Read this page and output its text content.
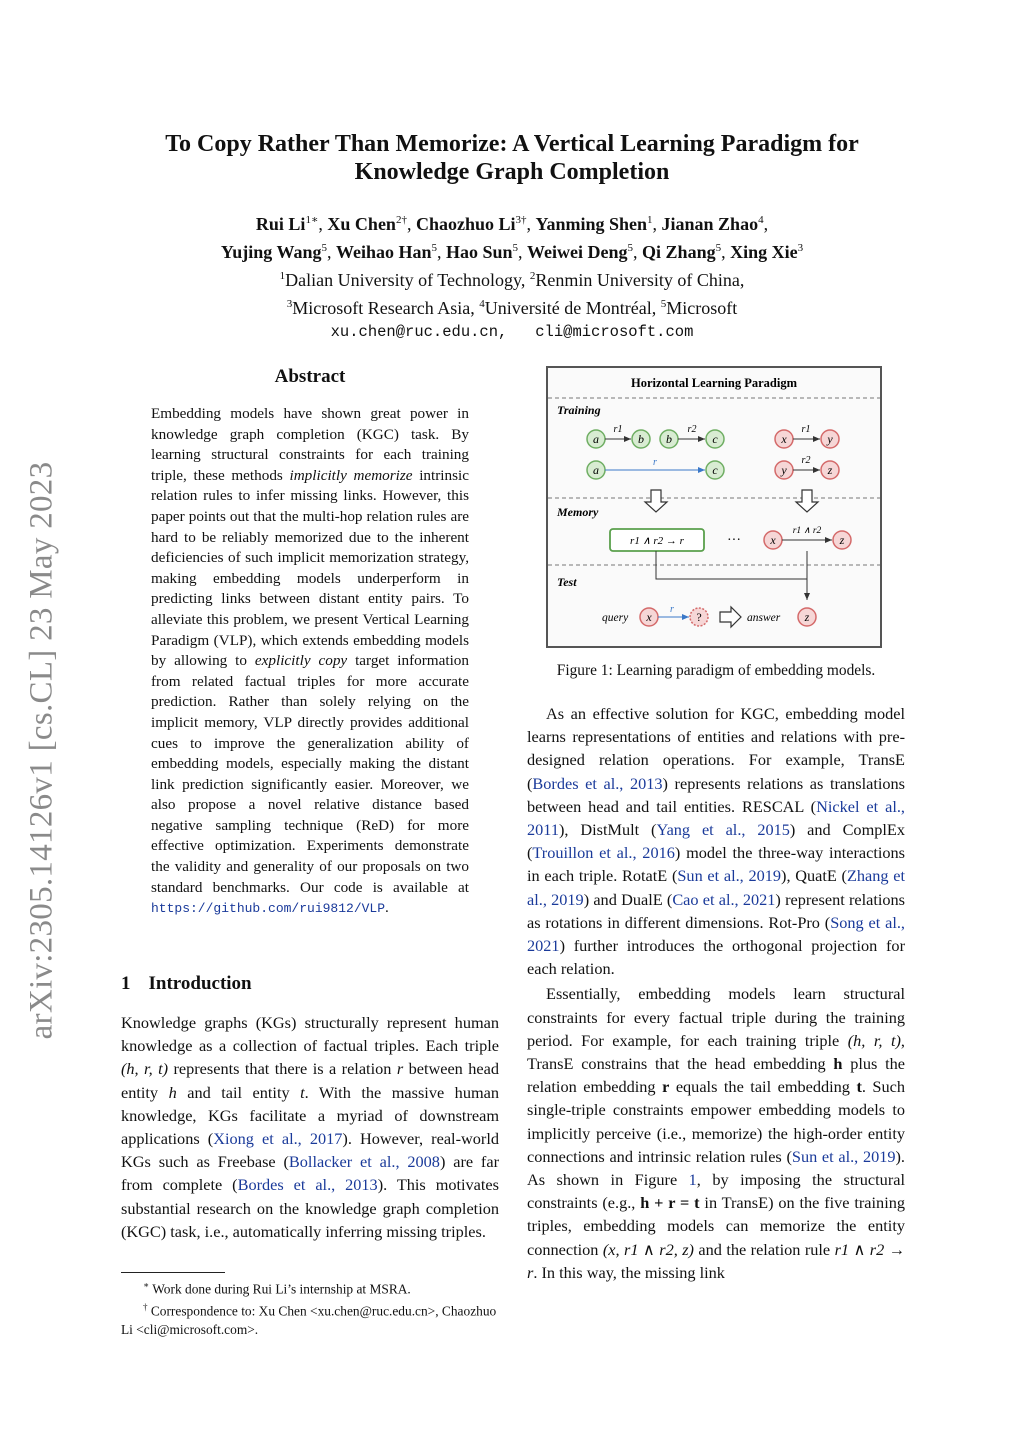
arXiv:2305.14126v1 [cs.CL] 23 May 2023
To Copy Rather Than Memorize: A Vertical Learning Paradigm for
Knowledge Graph Completion
Rui $Li^{1∗}$, Xu Chen$^{2\dagger}$, Chaozhuo $Li^{3\dagger}$, Yanming Shen$^1$, Jianan Zhao$^4$,
Yujing Wang$^5$, Weihao Han$^5$, Hao Sun$^5$, Weiwei Deng$^5$, Qi Zhang$^5$, Xing Xie$^3$
$^1$Dalian University of Technology, $^2$Renmin University of China,
$^3$Microsoft Research Asia, $^4$Université de Montréal, $^5$Microsoft
xu.chen@ruc.edu.cn, cli@microsoft.com
Abstract
Embedding models have shown great power in knowledge graph completion (KGC) task. By learning structural constraints for each training triple, these methods implicitly memorize intrinsic relation rules to infer missing links. However, this paper points out that the multi-hop relation rules are hard to be reliably memorized due to the inherent deficiencies of such implicit memorization strategy, making embedding models underperform in predicting links between distant entity pairs. To alleviate this problem, we present Vertical Learning Paradigm (VLP), which extends embedding models by allowing to explicitly copy target information from related factual triples for more accurate prediction. Rather than solely relying on the implicit memory, VLP directly provides additional cues to improve the generalization ability of embedding models, especially making the distant link prediction significantly easier. Moreover, we also propose a novel relative distance based negative sampling technique (ReD) for more effective optimization. Experiments demonstrate the validity and generality of our proposals on two standard benchmarks. Our code is available at https://github.com/rui9812/VLP.
1 Introduction
Knowledge graphs (KGs) structurally represent human knowledge as a collection of factual triples. Each triple (h, r, t) represents that there is a relation r between head entity h and tail entity t. With the massive human knowledge, KGs facilitate a myriad of downstream applications (Xiong et al., 2017). However, real-world KGs such as Freebase (Bollacker et al., 2008) are far from complete (Bordes et al., 2013). This motivates substantial research on the knowledge graph completion (KGC) task, i.e., automatically inferring missing triples.

∗ Work done during Rui Li’s internship at MSRA.

† Correspondence to: Xu Chen <xu.chen@ruc.edu.cn>, Chaozhuo Li <cli@microsoft.com>.

Horizontal Learning Paradigm
Training
Memory
Test
a
r1
b b
r2
c
a
r
c
x
r1
y
y
r2
z
r1 ∧ r2 → r	··· x
r1 ∧ r2
z
query x
r
?	answer z
Figure 1: Learning paradigm of embedding models.

As an effective solution for KGC, embedding model learns representations of entities and relations with pre-designed relation operations. For example, TransE (Bordes et al., 2013) represents relations as translations between head and tail entities. RESCAL (Nickel et al., 2011), DistMult (Yang et al., 2015) and ComplEx (Trouillon et al., 2016) model the three-way interactions in each triple. RotatE (Sun et al., 2019), QuatE (Zhang et al., 2019) and DualE (Cao et al., 2021) represent relations as rotations in different dimensions. Rot-Pro (Song et al., 2021) further introduces the orthogonal projection for each relation.

Essentially, embedding models learn structural constraints for every factual triple during the training period. For example, for each training triple (h, r, t), TransE constrains that the head embedding h plus the relation embedding r equals the tail embedding t. Such single-triple constraints empower embedding models to implicitly perceive (i.e., memorize) the high-order entity connections and intrinsic relation rules (Sun et al., 2019). As shown in Figure 1, by imposing the structural constraints (e.g., h + r = t in TransE) on the five training triples, embedding models can memorize the entity connection (x, r1 ∧ r2, z) and the relation rule r1 ∧ r2 → r. In this way, the missing link
